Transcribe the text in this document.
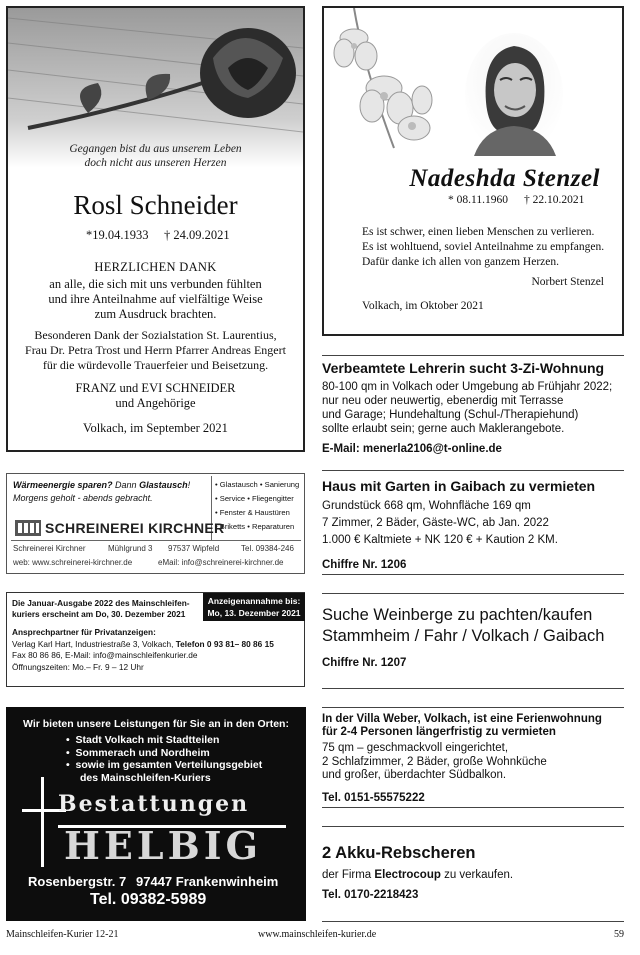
Gegangen bist du aus unserem Leben
doch nicht aus unseren Herzen
Rosl Schneider
*19.04.1933 † 24.09.2021
HERZLICHEN DANK
an alle, die sich mit uns verbunden fühlten
und ihre Anteilnahme auf vielfältige Weise
zum Ausdruck brachten.
Besonderen Dank der Sozialstation St. Laurentius,
Frau Dr. Petra Trost und Herrn Pfarrer Andreas Engert
für die würdevolle Trauerfeier und Beisetzung.
FRANZ und EVI SCHNEIDER
und Angehörige
Volkach, im September 2021
Nadeshda Stenzel
* 08.11.1960 † 22.10.2021
Es ist schwer, einen lieben Menschen zu verlieren.
Es ist wohltuend, soviel Anteilnahme zu empfangen.
Dafür danke ich allen von ganzem Herzen.
Norbert Stenzel
Volkach, im Oktober 2021
Wärmeenergie sparen? Dann Glastausch!
Morgens geholt - abends gebracht.
• Glastausch • Sanierung
• Service • Fliegengitter
• Fenster & Haustüren
• Briketts • Reparaturen
SCHREINEREI KIRCHNER
Schreinerei Kirchner	Mühlgrund 3 97537 Wipfeld	Tel. 09384-246
web: www.schreinerei-kirchner.de	eMail: info@schreinerei-kirchner.de
Die Januar-Ausgabe 2022 des Mainschleifen-kuriers erscheint am Do, 30. Dezember 2021
Anzeigenannahme bis:
Mo, 13. Dezember 2021
Ansprechpartner für Privatanzeigen:
Verlag Karl Hart, Industriestraße 3, Volkach, Telefon 0 93 81– 80 86 15
Fax 80 86 86, E-Mail: info@mainschleifenkurier.de
Öffnungszeiten: Mo.– Fr. 9 – 12 Uhr
Wir bieten unsere Leistungen für Sie an in den Orten:
•  Stadt Volkach mit Stadtteilen
•  Sommerach und Nordheim
•  sowie im gesamten Verteilungsgebiet
des Mainschleifen-Kuriers
Bestattungen
HELBIG
Rosenbergstr. 7 97447 Frankenwinheim
Tel. 09382-5989
Verbeamtete Lehrerin sucht 3-Zi-Wohnung
80-100 qm in Volkach oder Umgebung ab Frühjahr 2022;
nur neu oder neuwertig, ebenerdig mit Terrasse
und Garage; Hundehaltung (Schul-/Therapiehund)
sollte erlaubt sein; gerne auch Maklerangebote.
E-Mail: menerla2106@t-online.de
Haus mit Garten in Gaibach zu vermieten
Grundstück 668 qm, Wohnfläche 169 qm
7 Zimmer, 2 Bäder, Gäste-WC, ab Jan. 2022
1.000 € Kaltmiete + NK 120 € + Kaution 2 KM.
Chiffre Nr. 1206
Suche Weinberge zu pachten/kaufen
Stammheim / Fahr / Volkach / Gaibach
Chiffre Nr. 1207
In der Villa Weber, Volkach, ist eine Ferienwohnung
für 2-4 Personen längerfristig zu vermieten
75 qm – geschmackvoll eingerichtet,
2 Schlafzimmer, 2 Bäder, große Wohnküche
und großer, überdachter Südbalkon.
Tel. 0151-55575222
2 Akku-Rebscheren
der Firma Electrocoup zu verkaufen.
Tel. 0170-2218423
Mainschleifen-Kurier 12-21	www.mainschleifen-kurier.de	59
